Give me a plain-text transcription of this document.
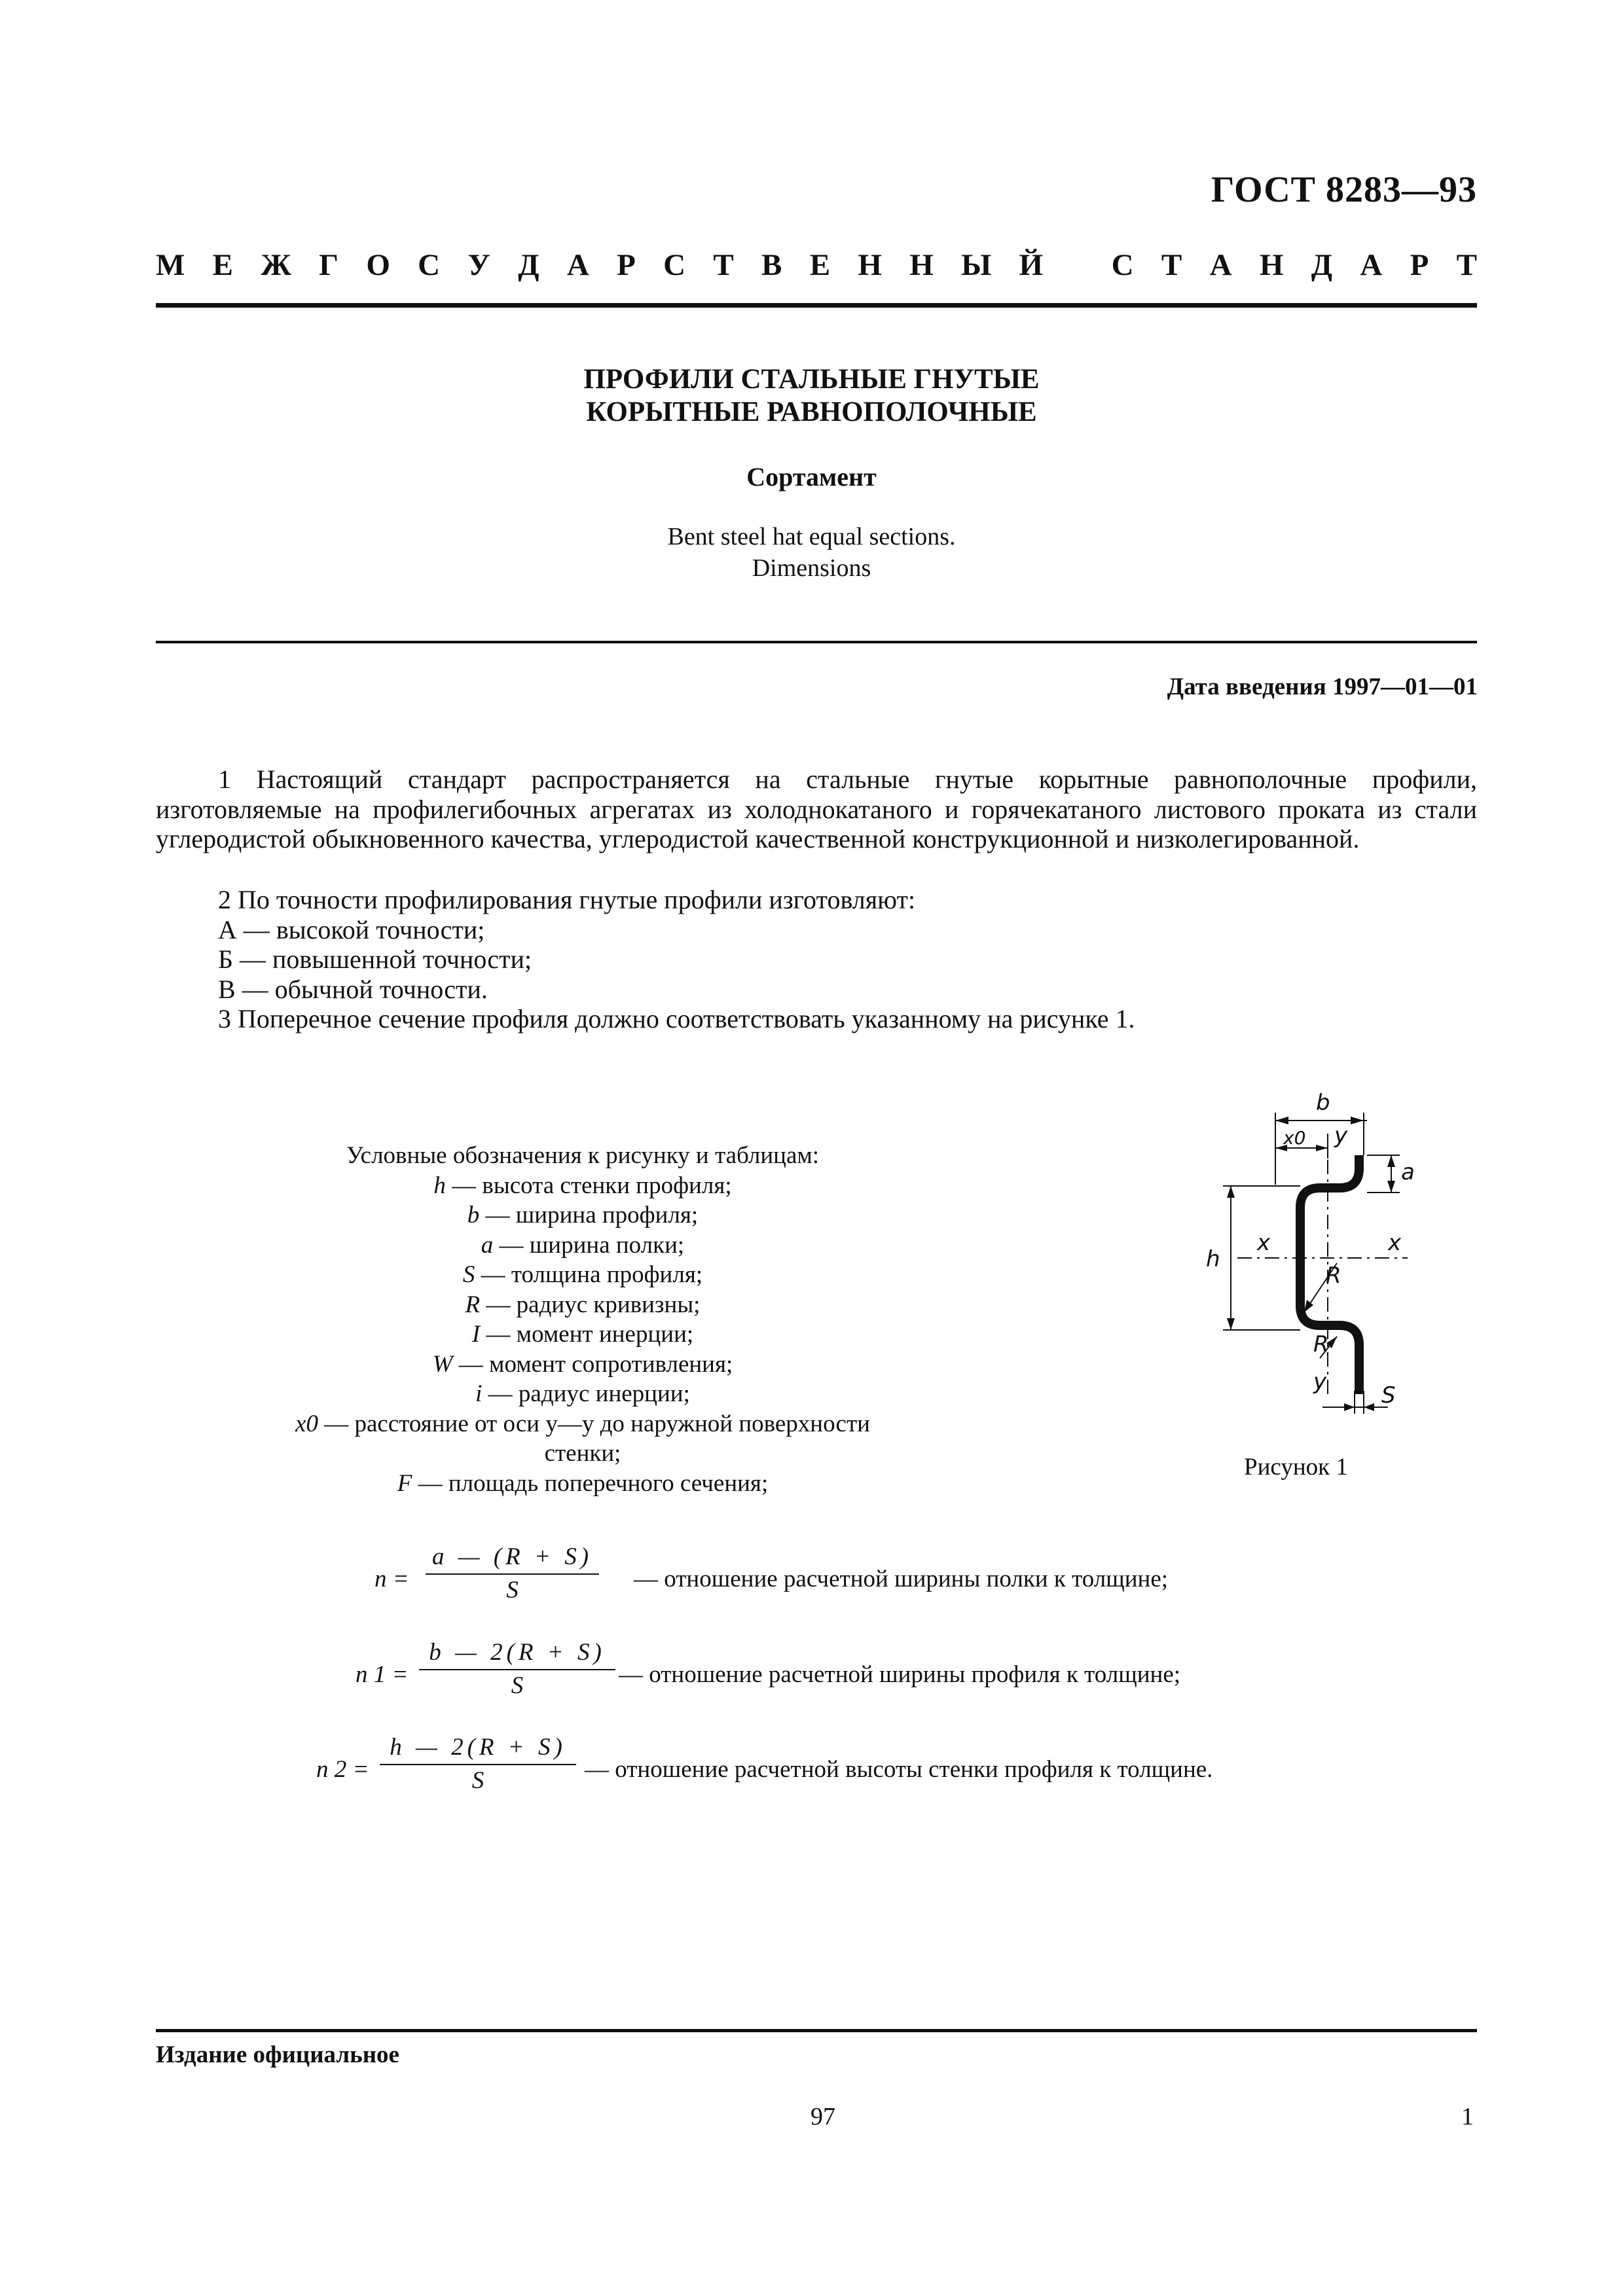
ГОСТ 8283—93
М Е Ж Г О С У Д А Р С Т В Е Н Н Ы Й С Т А Н Д А Р Т
ПРОФИЛИ СТАЛЬНЫЕ ГНУТЫЕ
КОРЫТНЫЕ РАВНОПОЛОЧНЫЕ
Сортамент
Bent steel hat equal sections.
Dimensions
Дата введения 1997—01—01
1 Настоящий стандарт распространяется на стальные гнутые корытные равнополочные профили, изготовляемые на профилегибочных агрегатах из холоднокатаного и горячекатаного листового проката из стали углеродистой обыкновенного качества, углеродистой качественной конструкционной и низколегированной.
2 По точности профилирования гнутые профили изготовляют:
А — высокой точности;
Б — повышенной точности;
В — обычной точности.
3 Поперечное сечение профиля должно соответствовать указанному на рисунке 1.
Условные обозначения к рисунку и таблицам:
h — высота стенки профиля;
b — ширина профиля;
a — ширина полки;
S — толщина профиля;
R — радиус кривизны;
I — момент инерции;
W — момент сопротивления;
i — радиус инерции;
x0 — расстояние от оси y—y до наружной поверхности стенки;
F — площадь поперечного сечения;
b
x0 y
a
h
x	x
R
R
y
S
Рисунок 1
$n = \frac{a — (R + S)}{S}$ — отношение расчетной ширины полки к толщине;
n $1 = \frac{b — 2(R + S)}{S}$ — отношение расчетной ширины профиля к толщине;
n $2 = \frac{h — 2(R + S)}{S}$ — отношение расчетной высоты стенки профиля к толщине.
Издание официальное
97	1
